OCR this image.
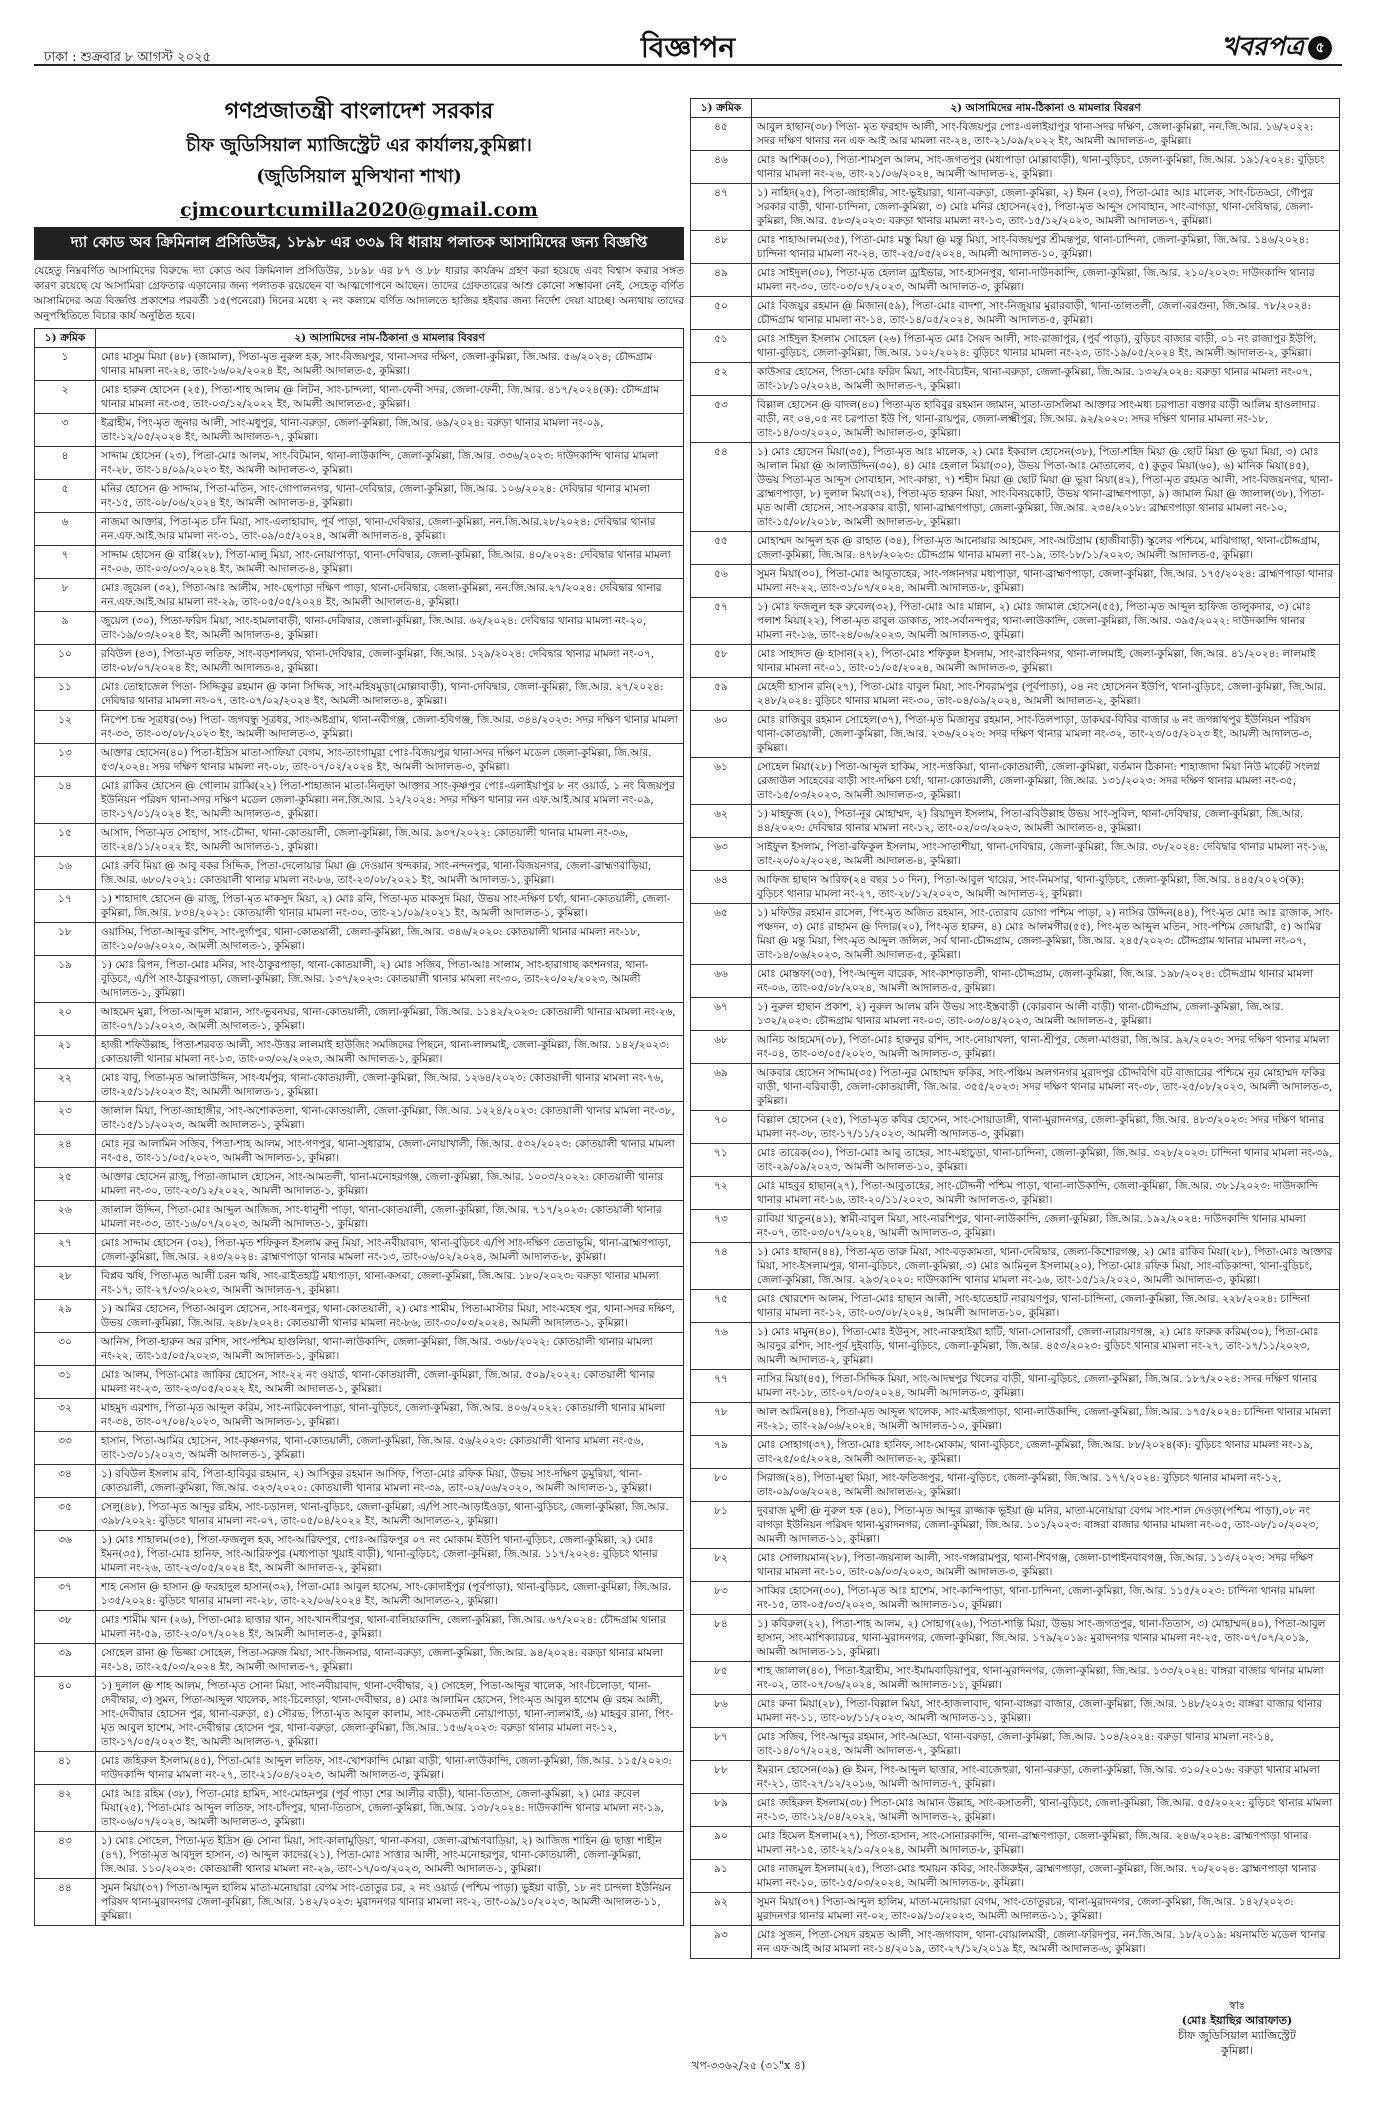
ঢাকা : শুক্রবার ৮ আগস্ট ২০২৫	বিজ্ঞাপন	খবরপত্র ৫
গণপ্রজাতন্ত্রী বাংলাদেশ সরকার
চীফ জুডিসিয়াল ম্যাজিস্ট্রেট এর কার্যালয়,কুমিল্লা।
(জুডিসিয়াল মুন্সিখানা শাখা)
cjmcourtcumilla2020@gmail.com
দ্যা কোড অব ক্রিমিনাল প্রসিডিউর, ১৮৯৮ এর ৩৩৯ বি ধারায় পলাতক আসামিদের জন্য বিজ্ঞপ্তি
যেহেতু নিম্নবর্ণিত আসামিদের বিরুদ্ধে দ্যা কোড অব ক্রিমিনাল প্রসিডিউর, ১৮৯৮ এর ৮৭ ও ৮৮ ধারার কার্যক্রম গ্রহণ করা হয়েছে এবং বিশ্বাস করার সঙ্গত কারণ রয়েছে যে আসামিরা গ্রেফতার এড়ানোর জন্য পলাতক রয়েছেন বা আত্মগোপনে আছেন। তাদের গ্রেফতারের আশু কোনো সম্ভাবনা নেই, সেহেতু বর্ণিত আসামিদের অত্র বিজ্ঞপ্তি প্রকাশের পরবর্তী ১৫(পনেরো) দিনের মধ্যে ২ নং কলামে বর্ণিত আদালতে হাজির হইবার জন্য নির্দেশ দেয়া যাচ্ছে। অন্যথায় তাদের অনুপস্থিতিতে বিচার কার্য অনুষ্ঠিত হবে।
১) ক্রমিক	২) আসামিদের নাম-ঠিকানা ও মামলার বিবরণ
১	মোঃ মাসুম মিয়া (৪৮) (জামাল), পিতা-মৃত নুরুল হক, সাং-বিজয়পুর, থানা-সদর দক্ষিণ, জেলা-কুমিল্লা, জি.আর. ৫৬/২০২৪; চৌদ্দগ্রাম থানার মামলা নং-২৪, তাং-১৬/০২/২০২৪ ইং, আমলী আদালত-৫, কুমিল্লা।
২	মোঃ হারুন হোসেন (২৫), পিতা-শাহ আলম @ লিটন, সাং-চান্দলা, থানা-ফেনী সদর, জেলা-ফেনী, জি.আর. ৪১৭/২০২৪(ক): চৌদ্দগ্রাম থানার মামলা নং-৩৫, তাং-০৩/১২/২০২২ ইং, আমলী আদালত-৫, কুমিল্লা।
৩	ইব্রাহীম, পিং-মৃত জুনার আলী, সাং-মধুপুর, থানা-বরুড়া, জেলা-কুমিল্লা, জি.আর. ৬৯/২০২৪: বরুড়া থানার মামলা নং-০৯, তাং-১২/০৫/২০২৪ ইং, আমলী আদালত-৭, কুমিল্লা।
৪	সাদ্দাম হোসেন (২৩), পিতা-মোঃ আলম, সাং-বিটমান, থানা-লাউকান্দি, জেলা-কুমিল্লা, জি.আর. ৩৩৬/২০২৩: দাউদকান্দি থানার মামলা নং-২৮, তাং-১৪/০৯/২০২৩ ইং, আমলী আদালত-৩, কুমিল্লা।
৫	মনির হোসেন @ সাদ্দাম, পিতা-মতিন, সাং-গোপালনগর, থানা-দেবিদ্বার, জেলা-কুমিল্লা, জি.আর. ১০৬/২০২৪: দেবিদ্বার থানার মামলা নং-১৫, তাং-০৮/০৬/২০২৪ ইং, আমলী আদালত-৪, কুমিল্লা।
৬	নাজমা আক্তার, পিতা-মৃত চাঁন মিয়া, সাং-এলাহাবাদ, পূর্ব পাড়া, থানা-দেবিদ্বার, জেলা-কুমিল্লা, নন.জি.আর.২৮/২০২৪: দেবিদ্বার থানার নন.এফ.আই.আর মামলা নং-৩১, তাং-০৯/০৫/২০২৪, আমলী আদালত-৪, কুমিল্লা।
৭	সাদ্দাম হোসেন @ বাপ্পি(২৮), পিতা-মালু মিয়া, সাং-নোয়াপাড়া, থানা-দেবিদ্বার, জেলা-কুমিল্লা, জি.আর. ৪০/২০২৪: দেবিদ্বার থানার মামলা নং-০৬, তাং-০৩/০৩/২০২৪ ইং, আমলী আদালত-৪, কুমিল্লা।
৮	মোঃ জুয়েল (৩২), পিতা-আঃ আলীম, সাং-ছেপাড়া দক্ষিণ পাড়া, থানা-দেবিদ্বার, জেলা-কুমিল্লা, নন.জি.আর.২৭/২০২৪: দেবিদ্বার থানার নন.এফ.আই.আর মামলা নং-২৯, তাং-০৫/০৫/২০২৪ ইং, আমলী আদালত-৪, কুমিল্লা।
৯	জুয়েল (৩০), পিতা-ফরিদ মিয়া, সাং-হামলাবাড়ী, থানা-দেবিদ্বার, জেলা-কুমিল্লা, জি.আর. ৬২/২০২৪: দেবিদ্বার থানার মামলা নং-২০, তাং-১৯/০৩/২০২৪ ইং, আমলী আদালত-৪, কুমিল্লা।
১০	রবিউল (৪৩), পিতা-মৃত লতিফ, সাং-বড়শালঘর, থানা-দেবিদ্বার, জেলা-কুমিল্লা, জি.আর. ১২৯/২০২৪: দেবিদ্বার থানার মামলা নং-০৭, তাং-০৮/০৭/২০২৪ ইং, আমলী আদালত-৪, কুমিল্লা।
১১	মোঃ তোহাজেল পিতা- সিদ্দিকুর রহমান @ কানা সিদ্দিক, সাং-মহিষমুড়া(মোল্লাবাড়ী), থানা-দেবিদ্বার, জেলা-কুমিল্লা, জি.আর. ২৭/২০২৪: দেবিদ্বার থানার মামলা নং-০৭, তাং-০৭/০২/২০২৪ ইং, আমলী আদালত-৪, কুমিল্লা।
১২	নিপেশ চন্দ্র সূত্রধর(৩৬) পিতা- জগবন্ধু সূত্রধর, সাং-অষ্টগ্রাম, থানা-নবীগঞ্জ, জেলা-হবিগঞ্জ, জি.আর. ৩৪৪/২০২৩: সদর দক্ষিণ থানার মামলা নং-৩৩, তাং-০৩/০৮/২০২৩ ইং, আমলী আদালত-৩, কুমিল্লা।
১৩	আক্তার হোসেন(৪০) পিতা-ইদ্রিস মাতা-সাফিয়া বেগম, সাং-তাংগামুরা পোঃ-বিজয়পুর থানা-সদর দক্ষিণ মডেল জেলা-কুমিল্লা, জি.আর. ৫৩/২০২৪: সদর দক্ষিণ থানার মামলা নং-০৮, তাং-০৭/০২/২০২৪ ইং, আমলী আদালত-৩, কুমিল্লা।
১৪	মোঃ রাকিব হোসেন @ গোলাম রাব্বি(২২) পিতা-শাহাজান মাতা-নিলুফা আক্তার সাং-কৃষ্ণপুর পোঃ-এলাইয়াপুর ৮ নং ওয়ার্ড, ১ নং বিজয়পুর ইউনিয়ন পরিষদ থানা-সদর দক্ষিণ মডেল জেলা-কুমিল্লা। নন.জি.আর. ১২/২০২৪: সদর দক্ষিণ থানার নন এফ.আই.আর মামলা নং-০৯, তাং-১৭/০১/২০২৪ ইং, আমলী আদালত-৩, কুমিল্লা।
১৫	আসাদ, পিতা-মৃত সোহাগ, সাং-চৌদ্দা, থানা-কোতয়ালী, জেলা-কুমিল্লা, জি.আর. ৯৩৭/২০২২: কোতয়ালী থানার মামলা নং-৩৬, তাং-২৪/১১/২০২২ ইং, আমলী আদালত-১, কুমিল্লা।
১৬	মোঃ রুবি মিয়া @ আবু বকর সিদ্দিক, পিতা-দেলোয়ার মিয়া @ দেওয়ান খন্দকার, সাং-নন্দনপুর, থানা-বিজয়নগর, জেলা-ব্রাহ্মণবাড়িয়া, জি.আর. ৬৮০/২০২১: কোতয়ালী থানার মামলা নং-৮৬, তাং-২৩/০৮/২০২১ ইং, আমলী আদালত-১, কুমিল্লা।
১৭	১) শাহাদাৎ হোসেন @ রাজু, পিতা-মৃত মাকসুদ মিয়া, ২) মোঃ রনি, পিতা-মৃত মাকসুদ মিয়া, উভয় সাং-দক্ষিণ চর্থা, থানা-কোতয়ালী, জেলা-কুমিল্লা, জি.আর. ৮৩৪/২০২১: কোতয়ালী থানার মামলা নং-৩০, তাং-২১/০৯/২০২১ ইং, আমলী আদালত-১, কুমিল্লা।
১৮	ওয়াসিম, পিতা-আব্দুর রশিদ, সাং-দুর্গাপুর, থানা-কোতয়ালী, জেলা-কুমিল্লা, জি.আর. ৩৪৬/২০২০: কোতয়ালী থানার মামলা নং-১৮, তাং-১০/০৬/২০২০, আমলী আদালত-১, কুমিল্লা।
১৯	১) মোঃ রিপন, পিতা-মোঃ মনির, সাং-ঠাকুরপাড়া, থানা-কোতয়ালী, ২) মোঃ সজিব, পিতা-আঃ সালাম, সাং-হারাগাছ কংশনগর, থানা-বুড়িচং, এ/পি সাং-ঠাকুরপাড়া, জেলা-কুমিল্লা, জি.আর. ১৩৭/২০২৩: কোতয়ালী থানার মামলা নং-৩০, তাং-২০/০২/২০২৩, আমলী আদালত-১, কুমিল্লা।
২০	আহমেদ মুন্না, পিতা-আব্দুল মান্নান, সাং-ভুবনঘর, থানা-কোতয়ালী, জেলা-কুমিল্লা, জি.আর. ১১৪২/২০২৩: কোতয়ালী থানার মামলা নং-২৬, তাং-০৭/১১/২০২৩, আমলী আদালত-১, কুমিল্লা।
২১	হাজী শফিউল্লাহ, পিতা-শরবত আলী, সাং-উত্তর লালমাই হাউজিং সমজিদের পিছনে, থানা-লালমাই, জেলা-কুমিল্লা, জি.আর. ১৪২/২০২৩: কোতয়ালী থানার মামলা নং-১৩, তাং-০৩/০২/২০২৩, আমলী আদালত-১, কুমিল্লা।
২২	মোঃ বাবু, পিতা-মৃত আলাউদ্দিন, সাং-ধর্মপুর, থানা-কোতয়ালী, জেলা-কুমিল্লা, জি.আর. ১২৬৪/২০২৩: কোতয়ালী থানার মামলা নং-৭৬, তাং-২৫/১১/২০২৩ ইং, আমলী আদালত-১, কুমিল্লা।
২৩	জালাল মিয়া, পিতা-জাহাঙ্গীর, সাং-অশোকতলা, থানা-কোতয়ালী, জেলা-কুমিল্লা, জি.আর. ১২২৪/২০২৩: কোতয়ালী থানার মামলা নং-৩৮, তাং-১৫/১১/২০২৩, আমলী আদালত-১, কুমিল্লা।
২৪	মোঃ নূর আলামিন সজিব, পিতা-শাহ আলম, সাং-গণপুর, থানা-সুধারাম, জেলা-নোয়াখালী, জি.আর. ৫৩২/২০২৩: কোতয়ালী থানার মামলা নং-৫৪, তাং-১১/০৫/২০২৩, আমলী আদালত-১, কুমিল্লা।
২৫	আক্তার হোসেন রাজু, পিতা-জামাল হোসেন, সাং-আমতলী, থানা-মনোহরগঞ্জ, জেলা-কুমিল্লা, জি.আর. ১০০৩/২০২২: কোতয়ালী থানার মামলা নং-৩০, তাং-২৩/১২/২০২২, আমলী আদালত-১, কুমিল্লা।
২৬	জালাল উদ্দিন, পিতা-মোঃ আব্দুল আজিজ, সাং-ধানুশী পাড়া, থানা-কোতয়ালী, জেলা-কুমিল্লা, জি.আর. ৭১৭/২০২৩: কোতয়ালী থানার মামলা নং-৩৩, তাং-১৬/০৭/২০২৩, আমলী আদালত-১, কুমিল্লা।
২৭	মোঃ সাদ্দাম হোসেন (৩২), পিতা-মৃত শফিকুল ইসলাম রুনু মিয়া, সাং-নবীয়াবাদ, থানা-বুড়িচং এ/পি সাং-দক্ষিণ তেতাভূমি, থানা-ব্রাহ্মণপাড়া, জেলা-কুমিল্লা, জি.আর. ২৪৩/২০২৪: ব্রাহ্মণপাড়া থানার মামলা নং-১৩, তাং-০৬/০২/২০২৪, আমলী আদালত-৮, কুমিল্লা।
২৮	বিপ্লব ঋষি, পিতা-মৃত আলী চরন ঋষি, সাং-রাইতহাট্ট মধ্যপাড়া, থানা-কসবা, জেলা-কুমিল্লা, জি.আর. ১৮০/২০২৩: বরুড়া থানার মামলা নং-১৭, তাং-২৭/০৩/২০২৩, আমলী আদালত-৭, কুমিল্লা।
২৯	১) আমির হোসেন, পিতা-আবুল হোসেন, সাং-ধনপুর, থানা-কোতয়ালী, ২) মোঃ শামীম, পিতা-মাস্টার মিয়া, সাং-মহেষ পুর, থানা-সদর দক্ষিণ, উভয় জেলা-কুমিল্লা, জি.আর. ২৪৮/২০২৪: কোতয়ালী থানার মামলা নং-৮৬, তাং-৩০/০৩/২০২৪, আমলী আদালত-১, কুমিল্লা।
৩০	আনিস, পিতা-হারুন অর রশিদ, সাং-পশ্চিম হাগুলিয়া, থানা-লাউকান্দি, জেলা-কুমিল্লা, জি.আর. ৩৬৮/২০২২: কোতয়ালী থানার মামলা নং-২২, তাং-১৫/০৫/২০২৩, আমলী আদালত-১, কুমিল্লা।
৩১	মোঃ আলম, পিতা-মোঃ জাকির হোসেন, সাং-২২ নং ওয়ার্ড, থানা-কোতয়ালী, জেলা-কুমিল্লা, জি.আর. ৫০৯/২০২২: কোতয়ালী থানার মামলা নং-২৩, তাং-২৩/০৫/২০২২ ইং, আমলী আদালত-১, কুমিল্লা।
৩২	মাহমুদ এরশাদ, পিতা-মৃত আব্দুল করিম, সাং-নারিকেলপাড়া, থানা-বুড়িচং, জেলা-কুমিল্লা, জি.আর. ৪০৬/২০২২: কোতয়ালী থানার মামলা নং-৩৪, তাং-০৭/০৪/২০২৩, আমলী আদালত-১, কুমিল্লা।
৩৩	হাসান, পিতা-আমির হোসেন, সাং-কৃষ্ণনগর, থানা-কোতয়ালী, জেলা-কুমিল্লা, জি.আর. ৫৬/২০২৩: কোতয়ালী থানার মামলা নং-৫৬, তাং-১৩/০১/২০২৩, আমলী আদালত-১, কুমিল্লা।
৩৪	১) রবিউল ইসলাম রবি, পিতা-হাবিবুর রহমান, ২) আসিকুর রহমান আসিফ, পিতা-মোঃ রফিক মিয়া, উভয় সাং-দক্ষিণ ডুমুরিয়া, থানা-কোতয়ালী, জেলা-কুমিল্লা, জি.আর. ৩২৩/২০২০: কোতয়ালী থানার মামলা নং-৩৯, তাং-০২/০৬/২০২০, আমলী আদালত-১, কুমিল্লা।
৩৫	সেলু(৪৮), পিতা-মৃত আব্দুর রহিম, সাং-চড়ানল, থানা-বুড়িচং, জেলা-কুমিল্লা, এ/পি সাং-আড়াইওড়া, থানা-বুড়িচং, জেলা-কুমিল্লা, জি.আর. ৩৯৮/২০২২: বুড়িচং থানার মামলা নং-০৭, তাং-০৫/০৪/২০২২ ইং, আমলী আদালত-২, কুমিল্লা।
৩৬	১) মোঃ শাহালম(৩৫), পিতা-ফজলুল হক, সাং-আরিফপুর, পোঃ-আরিফপুর ০৭ নং মোকাম ইউপি থানা-বুড়িচং, জেলা-কুমিল্লা, ২) মোঃ ইমন(৩৫), পিতা-মোঃ হানিফ, সাং-আরিফপুর (মধ্যপাড়া খুয়াই বাড়ী), থানা-বুড়িচং, জেলা-কুমিল্লা, জি.আর. ১১৭/২০২৪: বুড়িচং থানার মামলা নং-২৬, তাং-২৩/০৫/২০২৪ ইং, আমলী আদালত-২, কুমিল্লা।
৩৭	শাহ নেসান @ হাসান @ ফরহাদুল হাসান(৩২), পিতা-মোঃ আবুল হাসেম, সাং-কোদাইপুর (পূর্বপাড়া), থানা-বুড়িচং, জেলা-কুমিল্লা, জি.আর. ১৩৫/২০২৪: বুড়িচং থানার মামলা নং-২৮, তাং-২২/০৬/২০২৪ ইং, আমলী আদালত-২, কুমিল্লা।
৩৮	মোঃ শামীম খান (২৬), পিতা-মোঃ ছাত্তার খান, সাং-খানপীরপুর, থানা-বালিয়াকান্দি, জেলা-কুমিল্লা, জি.আর. ৬৭/২০২৪: চৌদ্দগ্রাম থানার মামলা নং-৫৯, তাং-২৩/০৭/২০২৪ ইং, আমলী আদালত-৫, কুমিল্লা।
৩৯	সোহেল রানা @ ভিজ্জা সোহেল, পিতা-সরুজ মিয়া, সাং-জিনসার, থানা-বরুড়া, জেলা-কুমিল্লা, জি.আর. ৯৪/২০২৪: বরুড়া থানার মামলা নং-১৪, তাং-২৫/০৩/২০২৪ ইং, আমলী আদালত-৭, কুমিল্লা।
৪০	১) দুলাল @ শাহ আলম, পিতা-মৃত সোনা মিয়া, সাং-নবীয়াবাদ, থানা-দেবীদ্বার, ২) সোহেল, পিতা-আব্দুর খালেক, সাং-চিলোড়া, থানা-দেবীদ্বার, ৩) সুমন, পিতা-আব্দুল খালেক, সাং-চিলোড়া, থানা-দেবীদ্বার, ৪) মোঃ আলামিন হোসেন, পিং-মৃত আবুল হাশেম @ রহম আলী, সাং-দেবীদ্বার হোসেন পুর, থানা-বরুড়া, ৫) সৌরভ, পিতা-মৃত আবুল কালাম, সাং-কেমতলী নোয়াপাড়া, থানা-লালমাই, ৬) মাহবুব রানা, পিং-মৃত আবুল হাশেম, সাং-দেবীদ্বার হোসেন পুর, থানা-বরুড়া, জেলা-কুমিল্লা, জি.আর. ১৫৬/২০২৩: বরুড়া থানার মামলা নং-১২, তাং-১৭/০৫/২০২৩ ইং, আমলী আদালত-৭, কুমিল্লা।
৪১	মোঃ জহিরুল ইসলাম(৪৫), পিতা-মোঃ আব্দুল লতিফ, সাং-খোশকান্দি মোল্লা বাড়ী, থানা-লাউকান্দি, জেলা-কুমিল্লা, জি.আর. ১১৫/২০২৩: দাউদকান্দি থানার মামলা নং-২৭, তাং-২১/০৪/২০২৩, আমলী আদালত-৩, কুমিল্লা।
৪২	মোঃ আঃ রহিম (৩৮), পিতা-মোঃ হামিদ, সাং-মোহনপুর (পূর্ব পাড়া শের আলীর বাড়ী), থানা-তিতাস, জেলা-কুমিল্লা, ২) মোঃ রুবেল মিয়া(২৫), পিতা-মোঃ আব্দুল লতিফ, সাং-চাঁদপুর, থানা-তিতাস, জেলা-কুমিল্লা, জি.আর. ১৩৮/২০২৪: দাউদকান্দি থানার মামলা নং-১৯, তাং-০৬/০৭/২০২৪, আমলী আদালত-৩, কুমিল্লা।
৪৩	১) মোঃ সোহেল, পিতা-মৃত ইদ্রিস @ সোনা মিয়া, সাং-কালামুড়িয়া, থানা-কসবা, জেলা-ব্রাহ্মণবাড়িয়া, ২) আজিজ শাহিন @ ছাত্তা শাহীন (৪৭), পিতা-মৃত আবদুল হাসান, ৩) আব্দুল কাদের(২১), পিতা-মোঃ সাত্তার আলী, সাং-মনোহরপুর, থানা-কোতয়ালী, জেলা-কুমিল্লা, জি.আর. ১১০/২০২৩: কোতয়ালী থানার মামলা নং-২৯, তাং-১৭/০৩/২০২৩, আমলী আদালত-১, কুমিল্লা।
৪৪	সুমন মিয়া(৩৭) পিতা-আব্দুল হালিম মাতা-মনোয়ারা বেগম সাং-তোতুর চর, ২ নং ওয়ার্ড (পশ্চিম পাড়া) ভুইয়া বাড়ী, ১৮ নং চান্দলা ইউনিয়ন পরিষদ থানা-মুরাদনগর জেলা-কুমিল্লা, জি.আর. ১৪২/২০২৩: মুরাদনগর থানার মামলা নং-২, তাং-০৯/১০/২০২৩, আমলী আদালত-১১, কুমিল্লা।
১) ক্রমিক	২) আসামিদের নাম-ঠিকানা ও মামলার বিবরণ
৪৫	আবুল হাছান(৩৮) পিতা- মৃত ফরহাদ আলী, সাং-বিজয়পুর পোঃ-এলাইয়াপুর থানা-সদর দক্ষিণ, জেলা-কুমিল্লা, নন.জি.আর. ১৬/২০২২: সদর দক্ষিণ থানার নন এফ আই আর মামলা নং-২৪, তাং-২১/০৯/২০২২ ইং, আমলী আদালত-৩, কুমিল্লা।
৪৬	মোঃ আশিক(৩০), পিতা-শামসুল আলম, সাং-জগতপুর (মধ্যপাড়া মোল্লাবাড়ী), থানা-বুড়িচং, জেলা-কুমিল্লা, জি.আর. ১৯১/২০২৪: বুড়িচং থানার মামলা নং-২৬, তাং-২১/০৬/২০২৪, আমলী আদালত-২, কুমিল্লা।
৪৭	১) নাহিদ(২৫), পিতা-জাহাঙ্গীর, সাং-ভূইয়ারা, থানা-বরুড়া, জেলা-কুমিল্লা, ২) ইমন (২৩), পিতা-মোঃ আঃ মালেক, সাং-চিতড্ডা, গৌপুর সরকার বাড়ী, থানা-চান্দিনা, জেলা-কুমিল্লা, ৩) মোঃ মনির হোসেন(২৫), পিতা-মৃত আব্দুস সোবাহান, সাং-বাগড়া, থানা-দেবিদ্বার, জেলা-কুমিল্লা, জি.আর. ৫৮৩/২০২৩: বরুড়া থানার মামলা নং-১৩, তাং-১৫/১২/২০২৩, আমলী আদালত-৭, কুমিল্লা।
৪৮	মোঃ শাহাআলম(৩৫), পিতা-মোঃ মস্তু মিয়া @ মন্তু মিয়া, সাং-বিজয়পুর শ্রীমন্তপুর, থানা-চান্দিনা, জেলা-কুমিল্লা, জি.আর. ১৪৬/২০২৪: চান্দিনা থানার মামলা নং-২৪, তাং-২৫/০৫/২০২৪, আমলী আদালত-১০, কুমিল্লা।
৪৯	মোঃ সাইদুল(৩০), পিতা-মৃত হেলাল ড্রাইভার, সাং-হাসনপুর, থানা-দাউদকান্দি, জেলা-কুমিল্লা, জি.আর. ২১০/২০২৩: দাউদকান্দি থানার মামলা নং-৩০, তাং-০৩/০৭/২০২৩, আমলী আদালত-৩, কুমিল্লা।
৫০	মোঃ বিজয়ুর রহমান @ মিজান(৫৯), পিতা-মোঃ বাদশা, সাং-নিজুয়ার মুরারবাড়ী, থানা-তালতলী, জেলা-বরগুনা, জি.আর. ৭৮/২০২৪: চৌদ্দগ্রাম থানার মামলা নং-১৪, তাং-১৪/০৫/২০২৪, আমলী আদালত-৫, কুমিল্লা।
৫১	মোঃ সাইদুল ইসলাম সোহেল (২৬) পিতা-মৃত মোঃ সৈয়দ আলী, সাং-রাজাপুর, (পুর্ব পাড়া), বুড়িচং বাজার বাড়ী, ০১ নং রাজাপুর ইউপি, থানা-বুড়িচং, জেলা-কুমিল্লা, জি.আর. ১০২/২০২৪: বুড়িচং থানার মামলা নং-২৩, তাং-১৯/০৫/২০২৪ ইং, আমলী আদালত-২, কুমিল্লা।
৫২	কাউসার হোসেন, পিতা-মোঃ ফরিদ মিয়া, সাং-বিচাইন, থানা-বরুড়া, জেলা-কুমিল্লা, জি.আর. ১৩২/২০২৪: বরুড়া থানার মামলা নং-০৭, তাং-১৮/১০/২০২৪, আমলী আদালত-৭, কুমিল্লা।
৫৩	বিল্লাল হোসেন @ বাদল(৪০) পিতা-মৃত হাবিবুর রহমান জামান, মাতা-তাসলিমা আক্তার সাং-মধ্য চরপাতা বক্তার বাড়ী আলিম হাওলাদার বাড়ী, নং ০৪,০৫ নং চরপাতা ইউ পি, থানা-রায়পুর, জেলা-লক্ষ্মীপুর, জি.আর. ৯২/২০২০: সদর দক্ষিণ থানার মামলা নং-১৮, তাং-১৪/০৩/২০২০, আমলী আদালত-৩, কুমিল্লা।
৫৪	১) মোঃ হোসেন মিয়া(৩৫), পিতা-মৃত আঃ মালেক, ২) মোঃ ইকবাল হোসেন(৩৮), পিতা-শহিদ মিয়া @ ছোট মিয়া @ ভূয়া মিয়া, ৩) মোঃ আলাল মিয়া @ আলাউদ্দিন(৩০), ৪) মোঃ হেলাল মিয়া(৩০), উভয় পিতা-আঃ মোতালেব, ৫) কুতুব মিয়া(৬০), ৬) মানিক মিয়া(৪৫), উভয় পিতা-মৃত আব্দুস সোবাহান, সাং-কান্তা, ৭) শহীদ মিয়া @ ছোট মিয়া @ ভূয়া মিয়া(৪২), পিতা-মৃত রহমত আলী, সাং-বিজয়নগর, থানা-ব্রাহ্মণপাড়া, ৮) দুলাল মিয়া(৩২), পিতা-মৃত হারুন মিয়া, সাং-বিনয়কোট, উভয় থানা-ব্রাহ্মণপাড়া, ৯) জামাল মিয়া @ জালাল(৩৮), পিতা-মৃত আলী হোসেন, সাং-সরকার বাড়ী, থানা-ব্রাহ্মণপাড়া, জেলা-কুমিল্লা, জি.আর. ২৩৪/২০১৮: ব্রাহ্মণপাড়া থানার মামলা নং-১০, তাং-১৫/০৮/২০১৮, আমলী আদালত-৮, কুমিল্লা।
৫৫	মোহাম্মদ আব্দুল হক @ রাহাত (৩৪), পিতা-মৃত আনোয়ার আহমেদ, সাং-আটগ্রাম (হাজীবাড়ী) স্কুলের পশ্চিমে, মাঝিগাছা, থানা-চৌদ্দগ্রাম, জেলা-কুমিল্লা, জি.আর. ৪৭৮/২০২৩: চৌদ্দগ্রাম থানার মামলা নং-১৯, তাং-১৮/১১/২০২৩, আমলী আদালত-৫, কুমিল্লা।
৫৬	সুমন মিয়া(৩০), পিতা-মোঃ আবুতাহের, সাং-গঙ্গানগর মধ্যপাড়া, থানা-ব্রাহ্মণপাড়া, জেলা-কুমিল্লা, জি.আর. ১৭৫/২০২৪: ব্রাহ্মণপাড়া থানার মামলা নং-২২, তাং-৩১/০৭/২০২৪, আমলী আদালত-৮, কুমিল্লা।
৫৭	১) মোঃ ফজলুল হক রুবেল(৩২), পিতা-মোঃ আঃ মান্নান, ২) মোঃ জামাল হোসেন(৫৫), পিতা-মৃত আব্দুল হাফিজ তালুকদার, ৩) মোঃ পলাশ মিয়া(২২), পিতা-মৃত বাবুল ডাকাত, সাং-সর্বানন্দপুর, থানা-লাউকান্দি, জেলা-কুমিল্লা, জি.আর. ৩৯৫/২০২২: দাউদকান্দি থানার মামলা নং-১৬, তাং-২৪/০৬/২০২৩, আমলী আদালত-৩, কুমিল্লা।
৫৮	মোঃ সাহাদত @ হাসান(২২), পিতা-মোঃ শফিকুল ইসলাম, সাং-রাংকিনগর, থানা-লালমাই, জেলা-কুমিল্লা, জি.আর. ৪১/২০২৪: লালমাই থানার মামলা নং-০১, তাং-০১/০৫/২০২৪, আমলী আদালত-৩, কুমিল্লা।
৫৯	মেহেদী হাসান রনি(২৭), পিতা-মোঃ বাবুল মিয়া, সাং-শিবরামপুর (পূর্বপাড়া), ০৪ নং হোসেনন ইউপি, থানা-বুড়িচং, জেলা-কুমিল্লা, জি.আর. ২৪৮/২০২৪: বুড়িচং থানার মামলা নং-৩০, তাং-০৪/০৯/২০২৪, আমলী আদালত-২, কুমিল্লা।
৬০	মোঃ রাজিবুর রহমান সোহেল(৩৭), পিতা-মৃত মিজানুর রহমান, সাং-তিলপাড়া, ডাকঘর-বিবির বাজার ৬ নং জগন্নাথপুর ইউনিয়ন পরিষদ থানা-কোতয়ালী, জেলা-কুমিল্লা, জি.আর. ২৩৬/২০২৩: সদর দক্ষিণ থানার মামলা নং-৩২, তাং-২৩/০৫/২০২৩ ইং, আমলী আদালত-৩, কুমিল্লা।
৬১	সোহেল মিয়া(২৮) পিতা-আব্দুল হাকিম, সাং-দত্তকিয়া, থানা-কোতয়ালী, জেলা-কুমিল্লা, বর্তমান ঠিকানা: শাহাজাদা মিয়া নিউ মার্কেট সংলগ্ন রেজাউল সাহেবের বাড়ী সাং-দক্ষিণ চর্থা, থানা-কোতয়ালী, জেলা-কুমিল্লা, জি.আর. ১৩১/২০২৩: সদর দক্ষিণ থানার মামলা নং-৩৫, তাং-১৫/০৩/২০২৩, আমলী আদালত-৩, কুমিল্লা।
৬২	১) মাহফুজ (২০), পিতা-নূর মোহাম্মদ, ২) রিয়াদুল ইসলাম, পিতা-রবিউল্লাহ উভয় সাং-সুবিল, থানা-দেবিদ্বার, জেলা-কুমিল্লা, জি.আর. ৪৪/২০২৩: দেবিদ্বার থানার মামলা নং-১২, তাং-০২/০৩/২০২৩, আমলী আদালত-৪, কুমিল্লা।
৬৩	সাইফুল ইসলাম, পিতা-রফিকুল ইসলাম, সাং-সাতাশীয়া, থানা-দেবিদ্বার, জেলা-কুমিল্লা, জি.আর. ৩৮/২০২৪: দেবিদ্বার থানার মামলা নং-১৬, তাং-২০/০২/২০২৪, আমলী আদালত-৪, কুমিল্লা।
৬৪	আফিজ হাছান আরিফ(২৪ বছর ১০ দিন), পিতা-আবুল খায়ের, সাং-নিমসার, থানা-বুড়িচং, জেলা-কুমিল্লা, জি.আর. ৪৪৫/২০২৩(ক): বুড়িচং থানার মামলা নং-২৭, তাং-২৮/১২/২০২৩, আমলী আদালত-২, কুমিল্লা।
৬৫	১) মফিউর রহমান রাসেল, পিং-মৃত অজিত রহমান, সাং-তোরাব ডোগা পশ্চিম পাড়া, ২) নাসির উদ্দিন(৪৪), পিং-মৃত মোঃ আঃ রাজাক, সাং-পঞ্চদন, ৩) মোঃ রাহামন @ দিদার(২০), পিং-মৃত হারুন, ৪) মোঃ আলমগীর(৫৫), পিং-মৃত আব্দুল মতিন, সাং-পশ্চিম জোয়ারী, ৫) আমির মিয়া @ মন্তু মিয়া, পিং-মৃত আব্দুল জলিল, সর্ব থানা-চৌদ্দগ্রাম, জেলা-কুমিল্লা, জি.আর. ২৪৫/২০২৩: চৌদ্দগ্রাম থানার মামলা নং-০৭, তাং-১৪/০৬/২০২৩, আমলী আদালত-৫, কুমিল্লা।
৬৬	মোঃ মোস্তফা(৩৫), পিং-আব্দুল বারেক, সাং-কাশড়াতলী, থানা-চৌদ্দগ্রাম, জেলা-কুমিল্লা, জি.আর. ১৯৮/২০২৪: চৌদ্দগ্রাম থানার মামলা নং-০৬, তাং-০৫/০৮/২০২৪, আমলী আদালত-৫, কুমিল্লা।
৬৭	১) নুরুল হাছান প্রকাশ, ২) নুরুল আলম রনি উভয় সাং-ইস্তবাড়ী (কোরবান আলী বাড়ী) থানা-চৌদ্দগ্রাম, জেলা-কুমিল্লা, জি.আর. ১৩২/২০২৩: চৌদ্দগ্রাম থানার মামলা নং-০৩, তাং-০৩/০৪/২০২৩, আমলী আদালত-৫, কুমিল্লা।
৬৮	আনিচ আহমেদ(৩৮), পিতা-মোঃ হারুনুর রশিদ, সাং-নোয়াখলা, থানা-শ্রীপুর, জেলা-মাগুরা, জি.আর. ৯২/২০২৩: সদর দক্ষিণ থানার মামলা নং-০৪, তাং-০৩/০৫/২০২৩, আমলী আদালত-৩, কুমিল্লা।
৬৯	আকবার হোসেন সাদ্দাম(৩৫) পিতা-নুর মোহাম্মদ ফকির, সাং-পঞ্চিম অলগনগর মুরাদপুর চৌদ্দবিগি বট বাজারের পশ্চিমে নূর মোহাম্মদ ফকির বাড়ী, থানা-বরিবাড়ী, জেলা-কোতয়ালী, জি.আর. ৩৫৫/২০২৩: সদর দক্ষিণ থানার মামলা নং-৩৮, তাং-২৫/০৮/২০২৩, আমলী আদালত-৩, কুমিল্লা।
৭০	বিল্লাল হোসেন (২৫), পিতা-মৃত কবির হোসেন, সাং-সোয়াডাঙ্গী, থানা-মুরাদনগর, জেলা-কুমিল্লা, জি.আর. ৪৮৩/২০২৩: সদর দক্ষিণ থানার মামলা নং-৩৮, তাং-১৭/১১/২০২৩, আমলী আদালত-৩, কুমিল্লা।
৭১	মোঃ তারেক(৩০), পিতা-মোঃ আবু তাহের, সাং-মহাচুড়া, থানা-চান্দিনা, জেলা-কুমিল্লা, জি.আর. ৩২৮/২০২৩: চান্দিনা থানার মামলা নং-৩৯, তাং-২৯/০৯/২০২৩, আমলী আদালত-১০, কুমিল্লা।
৭২	মোঃ মাহবুব হাছান(২৭), পিতা-আবুতাহের, সাং-চৌদ্দনী পশ্চিম পাড়া, থানা-লাউকান্দি, জেলা-কুমিল্লা, জি.আর. ৩৮১/২০২৩: দাউদকান্দি থানার মামলা নং-১৬, তাং-২০/১১/২০২৩, আমলী আদালত-৩, কুমিল্লা।
৭৩	রাবিয়া খাতুন(৪১), স্বামী-বাবুল মিয়া, সাং-নারশিপুর, থানা-লাউকান্দি, জেলা-কুমিল্লা, জি.আর. ১৯২/২০২৪: দাউদকান্দি থানার মামলা নং-০৭, তাং-০৩/০৭/২০২৪, আমলী আদালত-৩, কুমিল্লা।
৭৪	১) মোঃ হাছান(৪৪), পিতা-মৃত তারু মিয়া, সাং-বড়কামতা, থানা-দেবিদ্বার, জেলা-কিশোরগঞ্জ, ২) মোঃ রাকিব মিয়া(২৮), পিতা-মোঃ আক্তার মিয়া, সাং-ইসলামপুর, থানা-বুড়িচং, জেলা-কুমিল্লা, ৩) মোঃ আমিনুল ইসলাম(২০), পিতা-মোঃ রফিক মিয়া, সাং-বড়িকান্দা, থানা-বুড়িচং, জেলা-কুমিল্লা, জি.আর. ২৯৩/২০২০: দাউদকান্দি থানার মামলা নং-১৬, তাং-১৫/১২/২০২০, আমলী আদালত-৩, কুমিল্লা।
৭৫	মোঃ খোরশেদ আলম, পিতা-মোঃ হাছান আলী, সাং-হাতেহাট নারায়ণপুর, থানা-চান্দিনা, জেলা-কুমিল্লা, জি.আর. ২২৮/২০২৪: চান্দিনা থানার মামলা নং-১২, তাং-০৩/০৮/২০২৪, আমলী আদালত-১০, কুমিল্লা।
৭৬	১) মোঃ মামুন(৪০), পিতা-মোঃ ইউনুস, সাং-নারুহাইয়া হাটি, থানা-সোনারগাঁ, জেলা-নারায়ণগঞ্জ, ২) মোঃ ফারুক করিম(৩০), পিতা-মোঃ আবদুর রশিদ, সাং-পূর্ব দুইবাড়ি, থানা-বুড়িচং, জেলা-কুমিল্লা, জি.আর. ৪৫৩/২০২৩: বুড়িচং থানার মামলা নং-২৭, তাং-১৭/১১/২০২৩, আমলী আদালত-২, কুমিল্লা।
৭৭	নাসির মিয়া(৪৫), পিতা-সিদ্দিক মিয়া, সাং-আদম্বপুর খিলের বাড়ী, থানা-বুড়িচং, জেলা-কুমিল্লা, জি.আর. ১৮৭/২০২৪: সদর দক্ষিণ থানার মামলা নং-১৮, তাং-০৭/০৩/২০২৪, আমলী আদালত-৩, কুমিল্লা।
৭৮	আল আমিন(৪৪), পিতা-মৃত আব্দুল খালেক, সাং-মাইজপাড়া, থানা-লাউকান্দি, জেলা-কুমিল্লা, জি.আর. ১৭৫/২০২৪: চান্দিনা থানার মামলা নং-২১, তাং-২৯/০৬/২০২৪, আমলী আদালত-১০, কুমিল্লা।
৭৯	মোঃ সোহাগ(৩৭), পিতা-মোঃ হানিফ, সাং-মোকাম, থানা-বুড়িচং, জেলা-কুমিল্লা, জি.আর. ৮৮/২০২৪(ক): বুড়িচং থানার মামলা নং-১৯, তাং-২৫/০৫/২০২৪, আমলী আদালত-২, কুমিল্লা।
৮০	সিরাজ(২৪), পিতা-মুছা মিয়া, সাং-ফতিজপুর, থানা-বুড়িচং, জেলা-কুমিল্লা, জি.আর. ১৭৭/২০২৪: বুড়িচং থানার মামলা নং-১২, তাং-০৯/০৬/২০২৪, আমলী আদালত-২, কুমিল্লা।
৮১	দুবরাজ মুন্সী @ নুরুল হক (৪০), পিতা-মৃত আব্দুর রাজ্জাক ভূইয়া @ মনির, মাতা-মনোয়ারা বেগম সাং-শাল দেওড়া(পশ্চিম পাড়া),০৮ নং বাগড়া ইউনিয়ন পরিষদ থানা-মুরাদনগর, জেলা-কুমিল্লা, জি.আর. ১০১/২০২৩: বাঙ্গরা বাজার থানার মামলা নং-০৫, তাং-০৮/১০/২০২৩, আমলী আদালত-১১, কুমিল্লা।
৮২	মোঃ সোলায়মান(২৮), পিতা-জয়নাল আলী, সাং-গঙ্গারামপুর, থানা-শিবগঞ্জ, জেলা-চাপাইনবাবগঞ্জ, জি.আর. ১১৩/২০২৩: সদর দক্ষিণ থানার মামলা নং-১০, তাং-০৯/০৩/২০২৩, আমলী আদালত-৩, কুমিল্লা।
৮৩	সাব্বির হোসেন(৩০), পিতা-মৃত আঃ হাশেম, সাং-কান্দিপাড়া, থানা-চান্দিনা, জেলা-কুমিল্লা, জি.আর. ১১৫/২০২৩: চান্দিনা থানার মামলা নং-১৫, তাং-০৫/০৩/২০২৩, আমলী আদালত-১০, কুমিল্লা।
৮৪	১) কবিরুল(২২), পিতা-শাহ আলম, ২) সোহাগ(২৬), পিতা-শান্তি মিয়া, উভয় সাং-জগতপুর, থানা-তিতাস, ৩) মোহাম্মদ(৪০), পিতা-আবুল হাসান, সাং-মাশিক্যারচর, থানা-মুরাদনগর, জেলা-কুমিল্লা, জি.আর. ১৭৯/২০১৯: মুরাদনগর থানার মামলা নং-২৫, তাং-০৭/০৭/২০১৯, আমলী আদালত-১১, কুমিল্লা।
৮৫	শাহ জালাল(৪৩), পিতা-ইব্রাহীম, সাং-ইমামবাড়িয়াপুর, থানা-মুরাদনগর, জেলা-কুমিল্লা, জি.আর. ১৩৩/২০২৪: বাঙ্গরা বাজার থানার মামলা নং-০২, তাং-০৭/০৬/২০২৪, আমলী আদালত-১১, কুমিল্লা।
৮৬	মোঃ রুনা মিয়া(২৮), পিতা-বিল্লাল মিয়া, সাং-হাজলাবাদ, থানা-বাঙ্গরা বাজার, জেলা-কুমিল্লা, জি.আর. ১৪৮/২০২৩: বাঙ্গরা বাজার থানার মামলা নং-১১, তাং-০৮/১১/২০২৩, আমলী আদালত-১১, কুমিল্লা।
৮৭	মোঃ সজিব, পিং-আব্দুর রহমান, সাং-আড্ডা, থানা-বরুড়া, জেলা-কুমিল্লা, জি.আর. ১০৪/২০২৪: বরুড়া থানার মামলা নং-১৪, তাং-১৪/০৭/২০২৪, আমলী আদালত-৭, কুমিল্লা।
৮৮	ইমরান হোসেন(৩৯) @ ইমন, পিং-আব্দুল ছাত্তার, সাং-বাজেহুরা, থানা-বরুড়া, জেলা-কুমিল্লা, জি.আর. ৩১০/২০১৬: বরুড়া থানার মামলা নং-২১, তাং-২৭/১২/২০১৬, আমলী আদালত-৭, কুমিল্লা।
৮৯	মোঃ জহিরুল ইসলাম(৩৮) পিতা-মোঃ আমান উল্লাহ, সাং-কসাতলী, থানা-বুড়িচং, জেলা-কুমিল্লা, জি.আর. ৫৫/২০২২: বুড়িচং থানার মামলা নং-১৩, তাং-১২/০৪/২০২২, আমলী আদালত-২, কুমিল্লা।
৯০	মোঃ হিমেল ইসলাম(২৭), পিতা-হাসান, সাং-সোনারকান্দি, থানা-ব্রাহ্মণপাড়া, জেলা-কুমিল্লা, জি.আর. ২৪৬/২০২৪: ব্রাহ্মণপাড়া থানার মামলা নং-১৫, তাং-২২/১০/২০২৪, আমলী আদালত-৮, কুমিল্লা।
৯১	মোঃ নাজমুল ইসলাম(২৫), পিতা-মোঃ হুমায়ন কবির, সাং-জিরুইন, ব্রাহ্মণপাড়া, জেলা-কুমিল্লা, জি.আর. ৭০/২০২৪: ব্রাহ্মণপাড়া থানার মামলা নং-১০, তাং-১৫/০৩/২০২৪, আমলী আদালত-৮, কুমিল্লা।
৯২	সুমন মিয়া(৩৭) পিতা-আব্দুল হালিম, মাতা-মনোয়ারা বেগম, সাং-তোতুরচর, থানা-মুরাদনগর, জেলা-কুমিল্লা, জি.আর. ১৪২/২০২৩: মুরাদনগর থানার মামলা নং-০২, তাং-০৯/১০/২০২৩, আমলী আদালত-১১, কুমিল্লা।
৯৩	মোঃ সুজন, পিতা-সেয়দ রহমত আলী, সাং-জগাবাদ, থানা-বোয়ালমারী, জেলা-ফরিদপুর, নন.জি.আর. ১৮/২০১৯: ময়নামতি মডেল থানার নন এফ আই আর মামলা নং-১৪/২০১৯, তাং-২৭/১২/২০১৯ ইং, আমলী আদালত-৬, কুমিল্লা।
স্বাঃ
(মোঃ ইয়াছির আরাফাত)
চীফ জুডিসিয়াল ম্যাজিস্ট্রেট
কুমিল্লা।
খপ-৩৩৬২/২৫ (৩১"x ৪)
